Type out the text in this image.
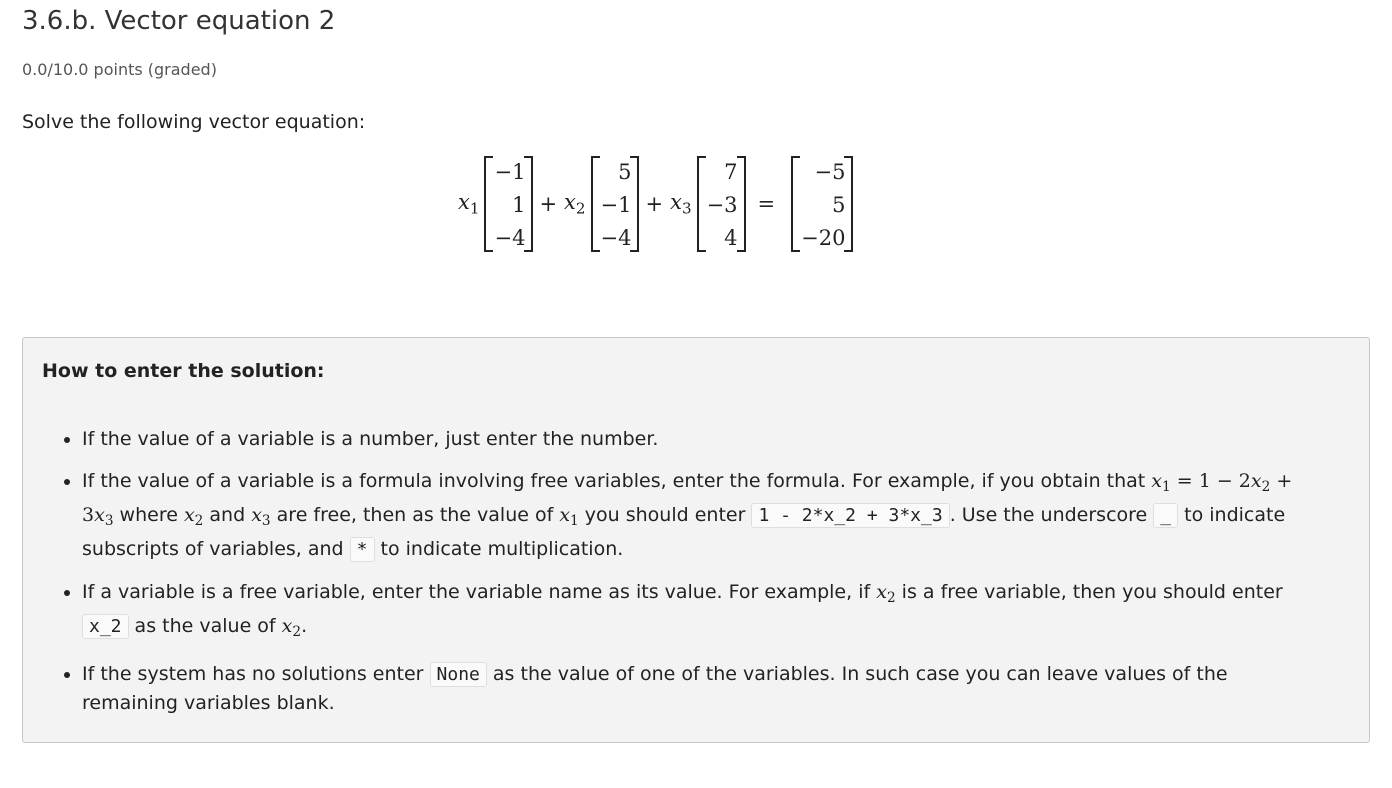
3.6.b. Vector equation 2
0.0/10.0 points (graded)
Solve the following vector equation:
$x_1$
−1
1
−4
+ $x_2$
5
−1
−4
+ $x_3$
7
−3
4
=
−5
5
−20
How to enter the solution:
• If the value of a variable is a number, just enter the number.
• If the value of a variable is a formula involving free variables, enter the formula. For example, if you obtain that $x_1 = 1 - 2x_2 + 3x_3$ where $x_2$ and $x_3$ are free, then as the value of $x_1$ you should enter 1 - 2*x_2 + 3*x_3 . Use the underscore _ to indicate subscripts of variables, and * to indicate multiplication.
• If a variable is a free variable, enter the variable name as its value. For example, if $x_2$ is a free variable, then you should enter x_2 as the value of $x_2$.
• If the system has no solutions enter None as the value of one of the variables. In such case you can leave values of the remaining variables blank.
